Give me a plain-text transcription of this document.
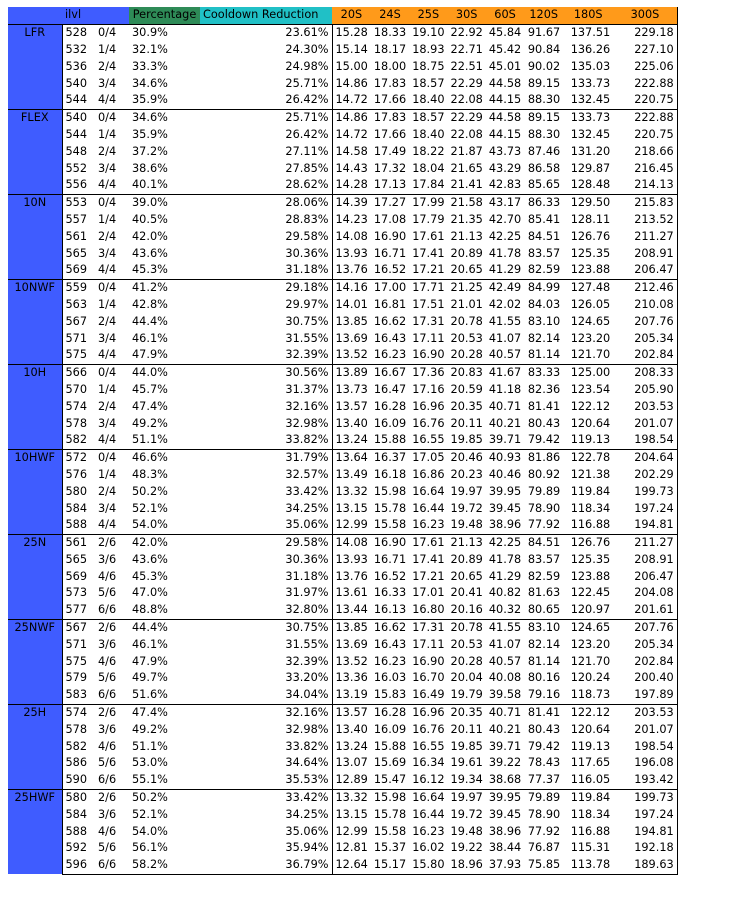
	ilvl		Percentage	Cooldown Reduction	20S	24S	25S	30S	60S	120S	180S	300S
LFR	528	0/4	30.9%	23.61%	15.28	18.33	19.10	22.92	45.84	91.67	137.51	229.18
	532	1/4	32.1%	24.30%	15.14	18.17	18.93	22.71	45.42	90.84	136.26	227.10
	536	2/4	33.3%	24.98%	15.00	18.00	18.75	22.51	45.01	90.02	135.03	225.06
	540	3/4	34.6%	25.71%	14.86	17.83	18.57	22.29	44.58	89.15	133.73	222.88
	544	4/4	35.9%	26.42%	14.72	17.66	18.40	22.08	44.15	88.30	132.45	220.75
FLEX	540	0/4	34.6%	25.71%	14.86	17.83	18.57	22.29	44.58	89.15	133.73	222.88
	544	1/4	35.9%	26.42%	14.72	17.66	18.40	22.08	44.15	88.30	132.45	220.75
	548	2/4	37.2%	27.11%	14.58	17.49	18.22	21.87	43.73	87.46	131.20	218.66
	552	3/4	38.6%	27.85%	14.43	17.32	18.04	21.65	43.29	86.58	129.87	216.45
	556	4/4	40.1%	28.62%	14.28	17.13	17.84	21.41	42.83	85.65	128.48	214.13
10N	553	0/4	39.0%	28.06%	14.39	17.27	17.99	21.58	43.17	86.33	129.50	215.83
	557	1/4	40.5%	28.83%	14.23	17.08	17.79	21.35	42.70	85.41	128.11	213.52
	561	2/4	42.0%	29.58%	14.08	16.90	17.61	21.13	42.25	84.51	126.76	211.27
	565	3/4	43.6%	30.36%	13.93	16.71	17.41	20.89	41.78	83.57	125.35	208.91
	569	4/4	45.3%	31.18%	13.76	16.52	17.21	20.65	41.29	82.59	123.88	206.47
10NWF	559	0/4	41.2%	29.18%	14.16	17.00	17.71	21.25	42.49	84.99	127.48	212.46
	563	1/4	42.8%	29.97%	14.01	16.81	17.51	21.01	42.02	84.03	126.05	210.08
	567	2/4	44.4%	30.75%	13.85	16.62	17.31	20.78	41.55	83.10	124.65	207.76
	571	3/4	46.1%	31.55%	13.69	16.43	17.11	20.53	41.07	82.14	123.20	205.34
	575	4/4	47.9%	32.39%	13.52	16.23	16.90	20.28	40.57	81.14	121.70	202.84
10H	566	0/4	44.0%	30.56%	13.89	16.67	17.36	20.83	41.67	83.33	125.00	208.33
	570	1/4	45.7%	31.37%	13.73	16.47	17.16	20.59	41.18	82.36	123.54	205.90
	574	2/4	47.4%	32.16%	13.57	16.28	16.96	20.35	40.71	81.41	122.12	203.53
	578	3/4	49.2%	32.98%	13.40	16.09	16.76	20.11	40.21	80.43	120.64	201.07
	582	4/4	51.1%	33.82%	13.24	15.88	16.55	19.85	39.71	79.42	119.13	198.54
10HWF	572	0/4	46.6%	31.79%	13.64	16.37	17.05	20.46	40.93	81.86	122.78	204.64
	576	1/4	48.3%	32.57%	13.49	16.18	16.86	20.23	40.46	80.92	121.38	202.29
	580	2/4	50.2%	33.42%	13.32	15.98	16.64	19.97	39.95	79.89	119.84	199.73
	584	3/4	52.1%	34.25%	13.15	15.78	16.44	19.72	39.45	78.90	118.34	197.24
	588	4/4	54.0%	35.06%	12.99	15.58	16.23	19.48	38.96	77.92	116.88	194.81
25N	561	2/6	42.0%	29.58%	14.08	16.90	17.61	21.13	42.25	84.51	126.76	211.27
	565	3/6	43.6%	30.36%	13.93	16.71	17.41	20.89	41.78	83.57	125.35	208.91
	569	4/6	45.3%	31.18%	13.76	16.52	17.21	20.65	41.29	82.59	123.88	206.47
	573	5/6	47.0%	31.97%	13.61	16.33	17.01	20.41	40.82	81.63	122.45	204.08
	577	6/6	48.8%	32.80%	13.44	16.13	16.80	20.16	40.32	80.65	120.97	201.61
25NWF	567	2/6	44.4%	30.75%	13.85	16.62	17.31	20.78	41.55	83.10	124.65	207.76
	571	3/6	46.1%	31.55%	13.69	16.43	17.11	20.53	41.07	82.14	123.20	205.34
	575	4/6	47.9%	32.39%	13.52	16.23	16.90	20.28	40.57	81.14	121.70	202.84
	579	5/6	49.7%	33.20%	13.36	16.03	16.70	20.04	40.08	80.16	120.24	200.40
	583	6/6	51.6%	34.04%	13.19	15.83	16.49	19.79	39.58	79.16	118.73	197.89
25H	574	2/6	47.4%	32.16%	13.57	16.28	16.96	20.35	40.71	81.41	122.12	203.53
	578	3/6	49.2%	32.98%	13.40	16.09	16.76	20.11	40.21	80.43	120.64	201.07
	582	4/6	51.1%	33.82%	13.24	15.88	16.55	19.85	39.71	79.42	119.13	198.54
	586	5/6	53.0%	34.64%	13.07	15.69	16.34	19.61	39.22	78.43	117.65	196.08
	590	6/6	55.1%	35.53%	12.89	15.47	16.12	19.34	38.68	77.37	116.05	193.42
25HWF	580	2/6	50.2%	33.42%	13.32	15.98	16.64	19.97	39.95	79.89	119.84	199.73
	584	3/6	52.1%	34.25%	13.15	15.78	16.44	19.72	39.45	78.90	118.34	197.24
	588	4/6	54.0%	35.06%	12.99	15.58	16.23	19.48	38.96	77.92	116.88	194.81
	592	5/6	56.1%	35.94%	12.81	15.37	16.02	19.22	38.44	76.87	115.31	192.18
	596	6/6	58.2%	36.79%	12.64	15.17	15.80	18.96	37.93	75.85	113.78	189.63
